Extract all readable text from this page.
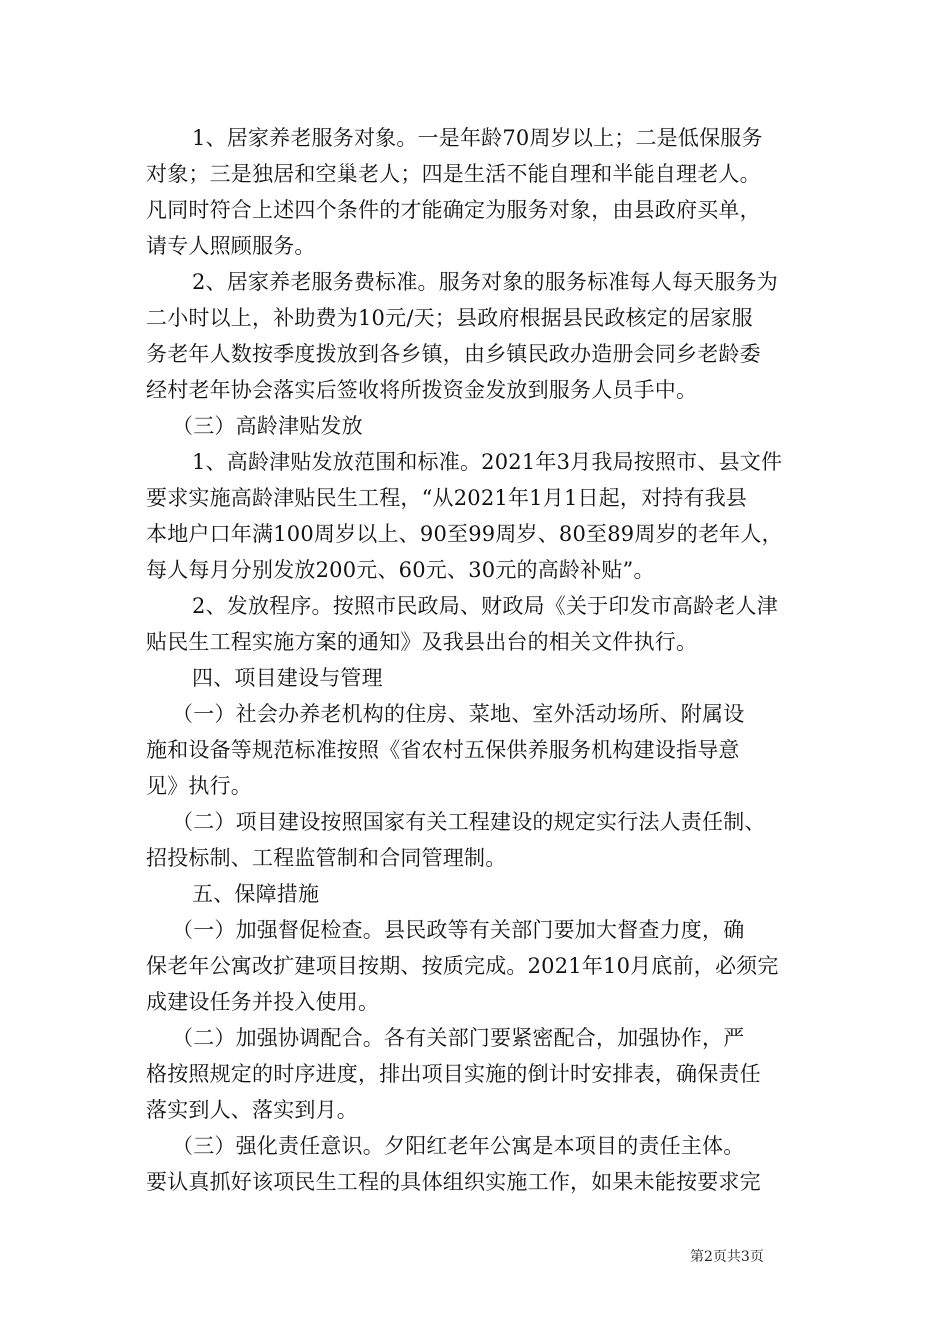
1、居家养老服务对象。一是年龄70周岁以上；二是低保服务
对象；三是独居和空巢老人；四是生活不能自理和半能自理老人。
凡同时符合上述四个条件的才能确定为服务对象，由县政府买单，
请专人照顾服务。
2、居家养老服务费标准。服务对象的服务标准每人每天服务为
二小时以上，补助费为10元/天；县政府根据县民政核定的居家服
务老年人数按季度拨放到各乡镇，由乡镇民政办造册会同乡老龄委
经村老年协会落实后签收将所拨资金发放到服务人员手中。
（三）高龄津贴发放
1、高龄津贴发放范围和标准。2021年3月我局按照市、县文件
要求实施高龄津贴民生工程，“从2021年1月1日起，对持有我县
本地户口年满100周岁以上、90至99周岁、80至89周岁的老年人，
每人每月分别发放200元、60元、30元的高龄补贴”。
2、发放程序。按照市民政局、财政局《关于印发市高龄老人津
贴民生工程实施方案的通知》及我县出台的相关文件执行。
四、项目建设与管理
（一）社会办养老机构的住房、菜地、室外活动场所、附属设
施和设备等规范标准按照《省农村五保供养服务机构建设指导意
见》执行。
（二）项目建设按照国家有关工程建设的规定实行法人责任制、
招投标制、工程监管制和合同管理制。
五、保障措施
（一）加强督促检查。县民政等有关部门要加大督查力度，确
保老年公寓改扩建项目按期、按质完成。2021年10月底前，必须完
成建设任务并投入使用。
（二）加强协调配合。各有关部门要紧密配合，加强协作，严
格按照规定的时序进度，排出项目实施的倒计时安排表，确保责任
落实到人、落实到月。
（三）强化责任意识。夕阳红老年公寓是本项目的责任主体。
要认真抓好该项民生工程的具体组织实施工作，如果未能按要求完
第2页共3页
